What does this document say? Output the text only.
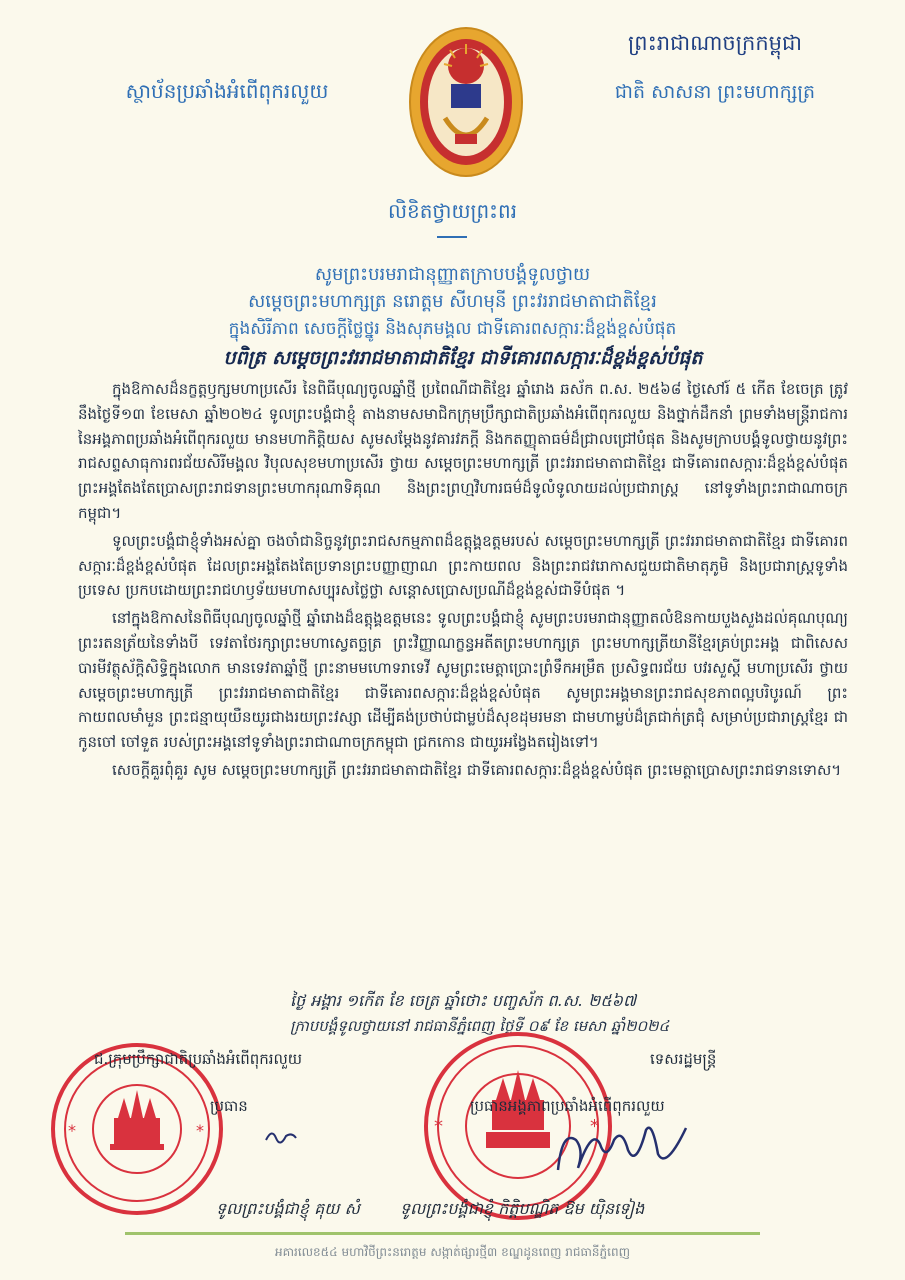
ស្ថាប័នប្រឆាំងអំពើពុករលួយ
ព្រះរាជាណាចក្រកម្ពុជា
ជាតិ សាសនា ព្រះមហាក្សត្រ
លិខិតថ្វាយព្រះពរ
សូមព្រះបរមរាជានុញ្ញាតក្រាបបង្គំទូលថ្វាយ
សម្តេចព្រះមហាក្សត្រ នរោត្តម សីហមុនី ព្រះវររាជមាតាជាតិខ្មែរ
ក្នុងសិរីភាព សេចក្តីថ្លៃថ្នូរ និងសុភមង្គល ជាទីគោរពសក្ការៈដ៏ខ្ពង់ខ្ពស់បំផុត
បពិត្រ សម្តេចព្រះវររាជមាតាជាតិខ្មែរ ជាទីគោរពសក្ការៈដ៏ខ្ពង់ខ្ពស់បំផុត

ក្នុងឱកាសដ៏នក្ខត្តឫក្សមហាប្រសើរ នៃពិធីបុណ្យចូលឆ្នាំថ្មី ប្រពៃណីជាតិខ្មែរ ឆ្នាំរោង ឆស័ក ព.ស. ២៥៦៨ ថ្ងៃសៅរ៍ ៥ កើត ខែចេត្រ ត្រូវនឹងថ្ងៃទី១៣ ខែមេសា ឆ្នាំ២០២៤ ទូលព្រះបង្គំជាខ្ញុំ តាងនាមសមាជិកក្រុមប្រឹក្សាជាតិប្រឆាំងអំពើពុករលួយ និងថ្នាក់ដឹកនាំ ព្រមទាំងមន្ត្រីរាជការ នៃអង្គភាពប្រឆាំងអំពើពុករលួយ មានមហាកិត្តិយស សូមសម្តែងនូវគារវភក្តី និងកតញ្ញុតាធម៌ដ៏ជ្រាលជ្រៅបំផុត និងសូមក្រាបបង្គំទូលថ្វាយនូវព្រះរាជសព្ទសាធុការពរជ័យសិរីមង្គល វិបុលសុខមហាប្រសើរ ថ្វាយ សម្តេចព្រះមហាក្សត្រី ព្រះវររាជមាតាជាតិខ្មែរ ជាទីគោរពសក្ការៈដ៏ខ្ពង់ខ្ពស់បំផុត ព្រះអង្គតែងតែប្រោសព្រះរាជទានព្រះមហាករុណាទិគុណ និងព្រះព្រហ្មវិហារធម៌ដ៏ទូលំទូលាយដល់ប្រជារាស្ត្រ នៅទូទាំងព្រះរាជាណាចក្រកម្ពុជា។

ទូលព្រះបង្គំជាខ្ញុំទាំងអស់គ្នា ចងចាំជានិច្ចនូវព្រះរាជសកម្មភាពដ៏ឧត្តុង្គឧត្តមរបស់ សម្តេចព្រះមហាក្សត្រី ព្រះវររាជមាតាជាតិខ្មែរ ជាទីគោរពសក្ការៈដ៏ខ្ពង់ខ្ពស់បំផុត ដែលព្រះអង្គតែងតែប្រទានព្រះបញ្ញាញាណ ព្រះកាយពល និងព្រះរាជវរោកាសជួយជាតិមាតុភូមិ និងប្រជារាស្ត្រទូទាំងប្រទេស ប្រកបដោយព្រះរាជហឫទ័យមហាសប្បុរសថ្លៃថ្លា សន្តោសប្រោសប្រណីដ៏ខ្ពង់ខ្ពស់ជាទីបំផុត ។

នៅក្នុងឱកាសនៃពិធីបុណ្យចូលឆ្នាំថ្មី ឆ្នាំរោងដ៏ឧត្តុង្គឧត្តមនេះ ទូលព្រះបង្គំជាខ្ញុំ សូមព្រះបរមរាជានុញ្ញាតលំឱនកាយបួងសួងដល់គុណបុណ្យព្រះរតនត្រ័យនៃទាំងបី ទេវតាថែរក្សាព្រះមហាស្វេតច្ឆត្រ ព្រះវិញ្ញាណក្ខន្ធអតីតព្រះមហាក្សត្រ ព្រះមហាក្សត្រីយានីខ្មែរគ្រប់ព្រះអង្គ ជាពិសេសបារមីវត្ថុស័ក្តិសិទ្ធិក្នុងលោក មានទេវតាឆ្នាំថ្មី ព្រះនាមមហោទរាទេវី សូមព្រះមេត្តាប្រោះព្រំទឹកអម្រឹត ប្រសិទ្ធពរជ័យ បវរសួស្តី មហាប្រសើរ ថ្វាយ សម្តេចព្រះមហាក្សត្រី ព្រះវររាជមាតាជាតិខ្មែរ ជាទីគោរពសក្ការៈដ៏ខ្ពង់ខ្ពស់បំផុត សូមព្រះអង្គមានព្រះរាជសុខភាពល្អបរិបូរណ៍ ព្រះកាយពលមាំមួន ព្រះជន្មាយុយឺនយូរជាងរយព្រះវស្សា ដើម្បីគង់ប្រថាប់ជាម្លប់ដ៏សុខដុមរមនា ជាមហាម្លប់ដ៏ត្រជាក់ត្រជុំ សម្រាប់ប្រជារាស្ត្រខ្មែរ ជាកូនចៅ ចៅទួត របស់ព្រះអង្គនៅទូទាំងព្រះរាជាណាចក្រកម្ពុជា ជ្រកកោន ជាយូរអង្វែងតរៀងទៅ។

សេចក្តីគួរពុំគួរ សូម សម្តេចព្រះមហាក្សត្រី ព្រះវររាជមាតាជាតិខ្មែរ ជាទីគោរពសក្ការៈដ៏ខ្ពង់ខ្ពស់បំផុត ព្រះមេត្តាប្រោសព្រះរាជទានទោស។

ថ្ងៃ អង្គារ ១កើត ខែ ចេត្រ ឆ្នាំថោះ បញ្ចស័ក ព.ស. ២៥៦៧
ក្រាបបង្គំទូលថ្វាយនៅ រាជធានីភ្នំពេញ ថ្ងៃទី ០៩ ខែ មេសា ឆ្នាំ២០២៤
*	*	*	*
ជ.ក្រុមប្រឹក្សាជាតិប្រឆាំងអំពើពុករលួយ	ទេសរដ្ឋមន្ត្រី
ប្រធាន	ប្រធានអង្គភាពប្រឆាំងអំពើពុករលួយ
ទូលព្រះបង្គំជាខ្ញុំ គុយ សំ	ទូលព្រះបង្គំជាខ្ញុំ កិត្តិបណ្ឌិត ឱម យ៉ិនទៀង
អគារលេខ៥៤ មហាវិថីព្រះនរោត្តម សង្កាត់ផ្សារថ្មី៣ ខណ្ឌដូនពេញ រាជធានីភ្នំពេញ
